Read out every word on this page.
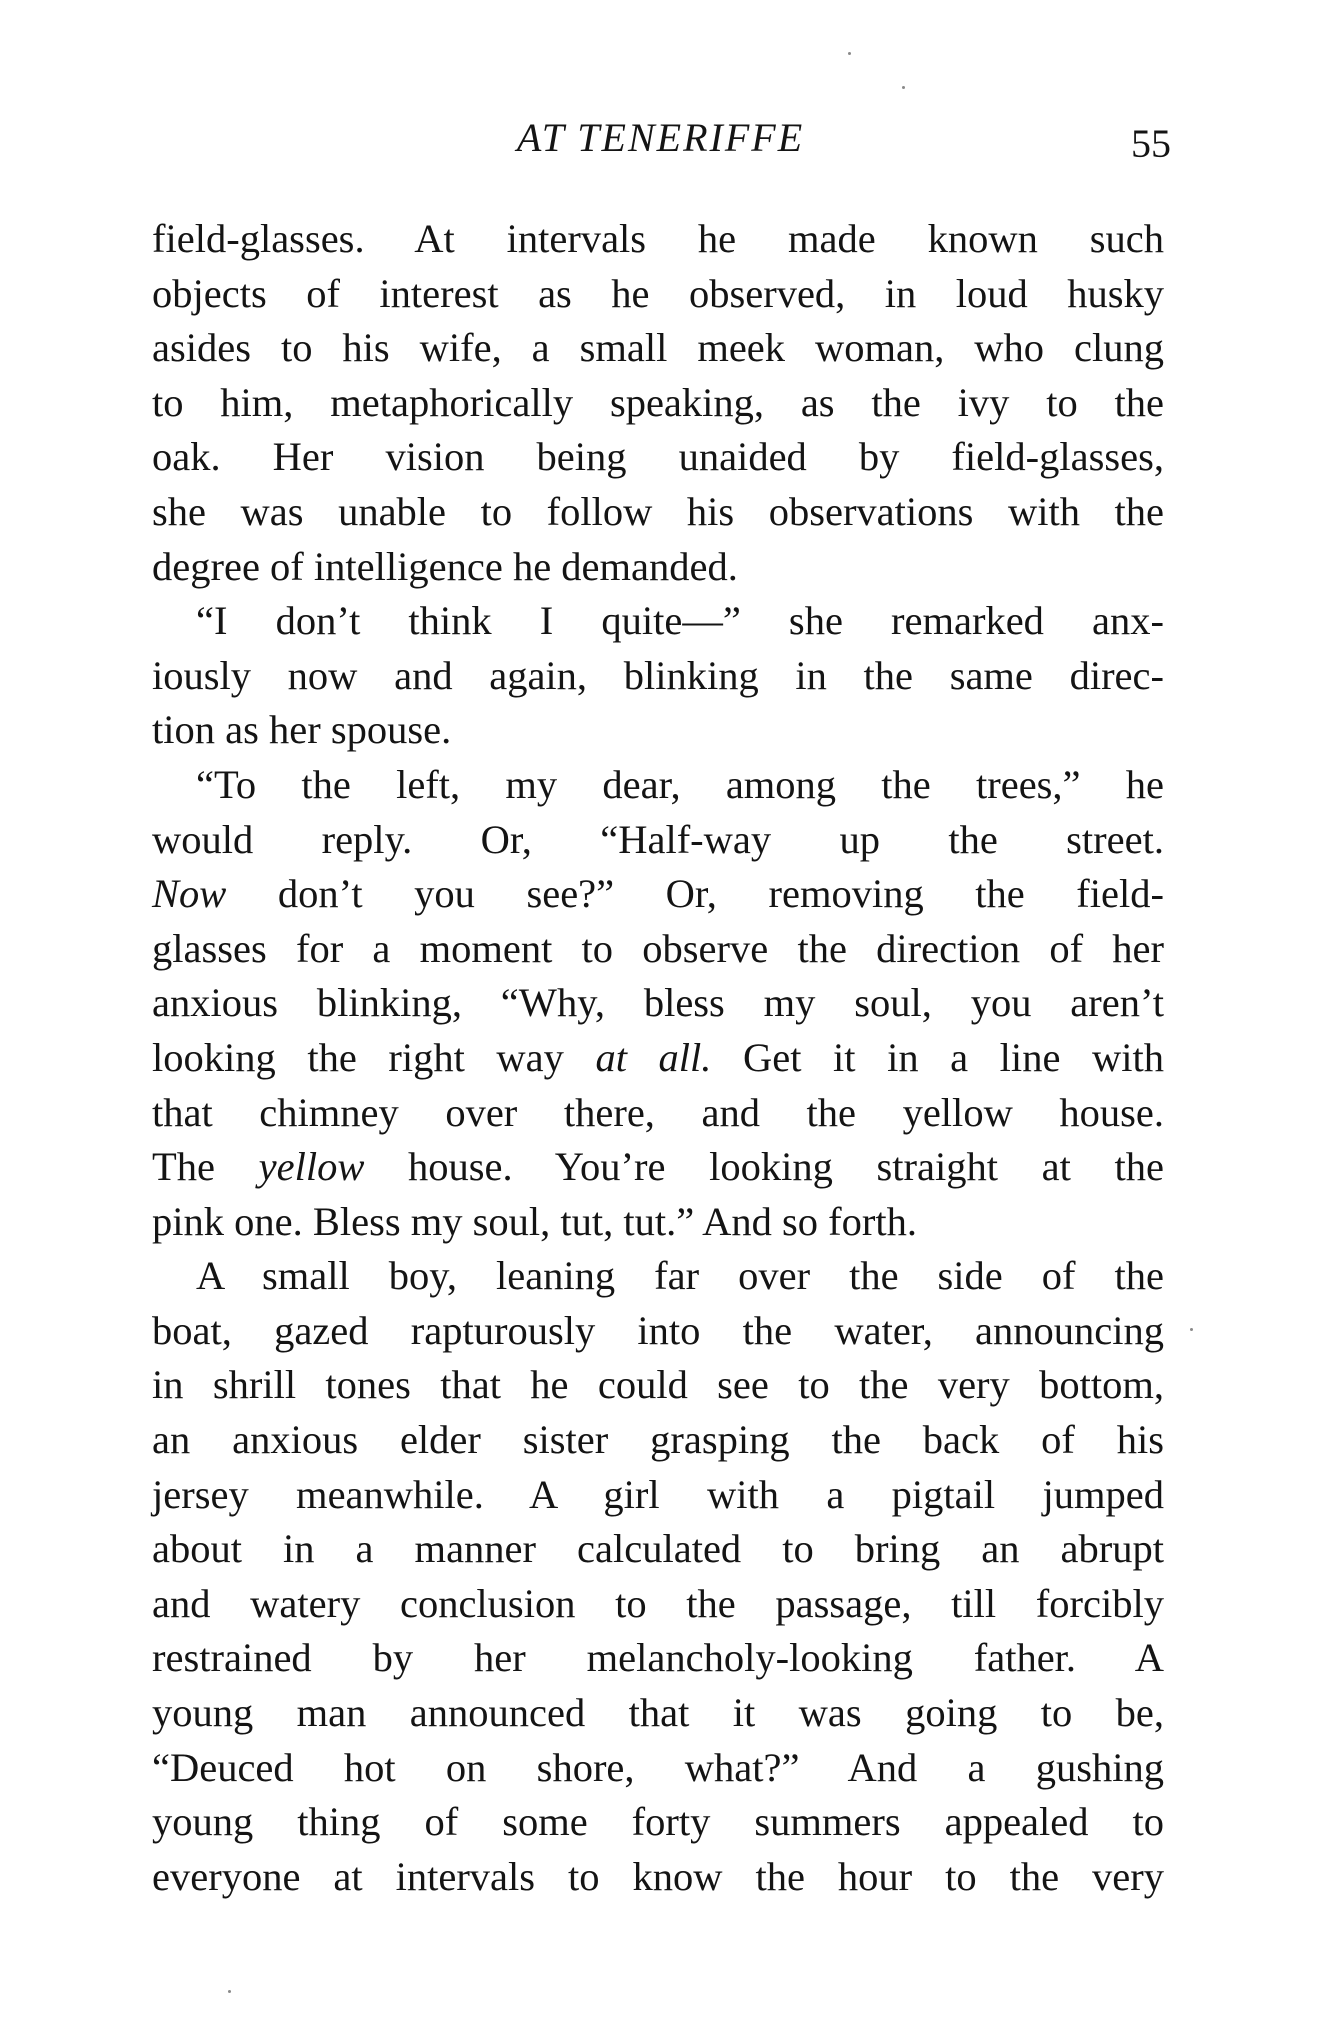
AT TENERIFFE	55
field-glasses. At intervals he made known such
objects of interest as he observed, in loud husky
asides to his wife, a small meek woman, who clung
to him, metaphorically speaking, as the ivy to the
oak. Her vision being unaided by field-glasses,
she was unable to follow his observations with the
degree of intelligence he demanded.
“I don’t think I quite—” she remarked anx-
iously now and again, blinking in the same direc-
tion as her spouse.
“To the left, my dear, among the trees,” he
would reply. Or, “Half-way up the street.
Now don’t you see?” Or, removing the field-
glasses for a moment to observe the direction of her
anxious blinking, “Why, bless my soul, you aren’t
looking the right way at all. Get it in a line with
that chimney over there, and the yellow house.
The yellow house. You’re looking straight at the
pink one. Bless my soul, tut, tut.” And so forth.
A small boy, leaning far over the side of the
boat, gazed rapturously into the water, announcing
in shrill tones that he could see to the very bottom,
an anxious elder sister grasping the back of his
jersey meanwhile. A girl with a pigtail jumped
about in a manner calculated to bring an abrupt
and watery conclusion to the passage, till forcibly
restrained by her melancholy-looking father. A
young man announced that it was going to be,
“Deuced hot on shore, what?” And a gushing
young thing of some forty summers appealed to
everyone at intervals to know the hour to the very
